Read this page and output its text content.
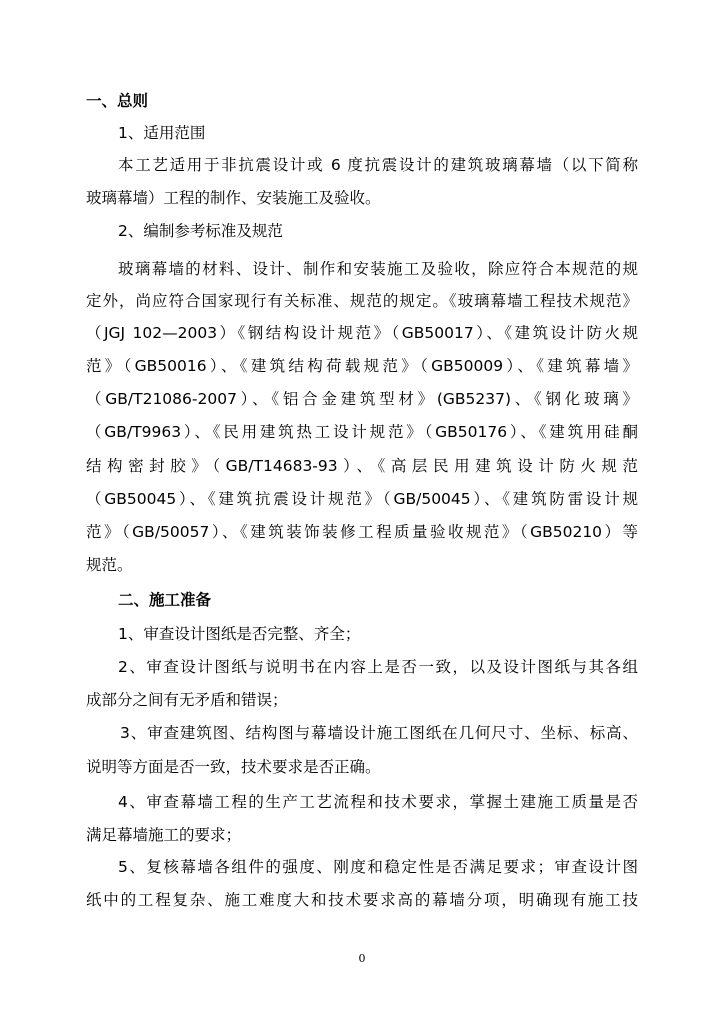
一、总则
1、适用范围
本工艺适用于非抗震设计或 6 度抗震设计的建筑玻璃幕墙（以下简称
玻璃幕墙）工程的制作、安装施工及验收。
2、编制参考标准及规范
玻璃幕墙的材料、设计、制作和安装施工及验收，除应符合本规范的规
定外，尚应符合国家现行有关标准、规范的规定。《玻璃幕墙工程技术规范》
（JGJ 102—2003）《钢结构设计规范》（GB50017）、《建筑设计防火规
范》（GB50016）、《建筑结构荷载规范》（GB50009）、《建筑幕墙》
（GB/T21086-2007）、《铝合金建筑型材》(GB5237)、《钢化玻璃》
（GB/T9963）、《民用建筑热工设计规范》（GB50176）、《建筑用硅酮
结构密封胶》（GB/T14683-93）、《高层民用建筑设计防火规范
（GB50045）、《建筑抗震设计规范》（GB/50045）、《建筑防雷设计规
范》（GB/50057）、《建筑装饰装修工程质量验收规范》（GB50210）等
规范。
二、施工准备
1、审查设计图纸是否完整、齐全；
2、审查设计图纸与说明书在内容上是否一致，以及设计图纸与其各组
成部分之间有无矛盾和错误；
3、审查建筑图、结构图与幕墙设计施工图纸在几何尺寸、坐标、标高、
说明等方面是否一致，技术要求是否正确。
4、审查幕墙工程的生产工艺流程和技术要求，掌握土建施工质量是否
满足幕墙施工的要求；
5、复核幕墙各组件的强度、刚度和稳定性是否满足要求；审查设计图
纸中的工程复杂、施工难度大和技术要求高的幕墙分项，明确现有施工技
0
